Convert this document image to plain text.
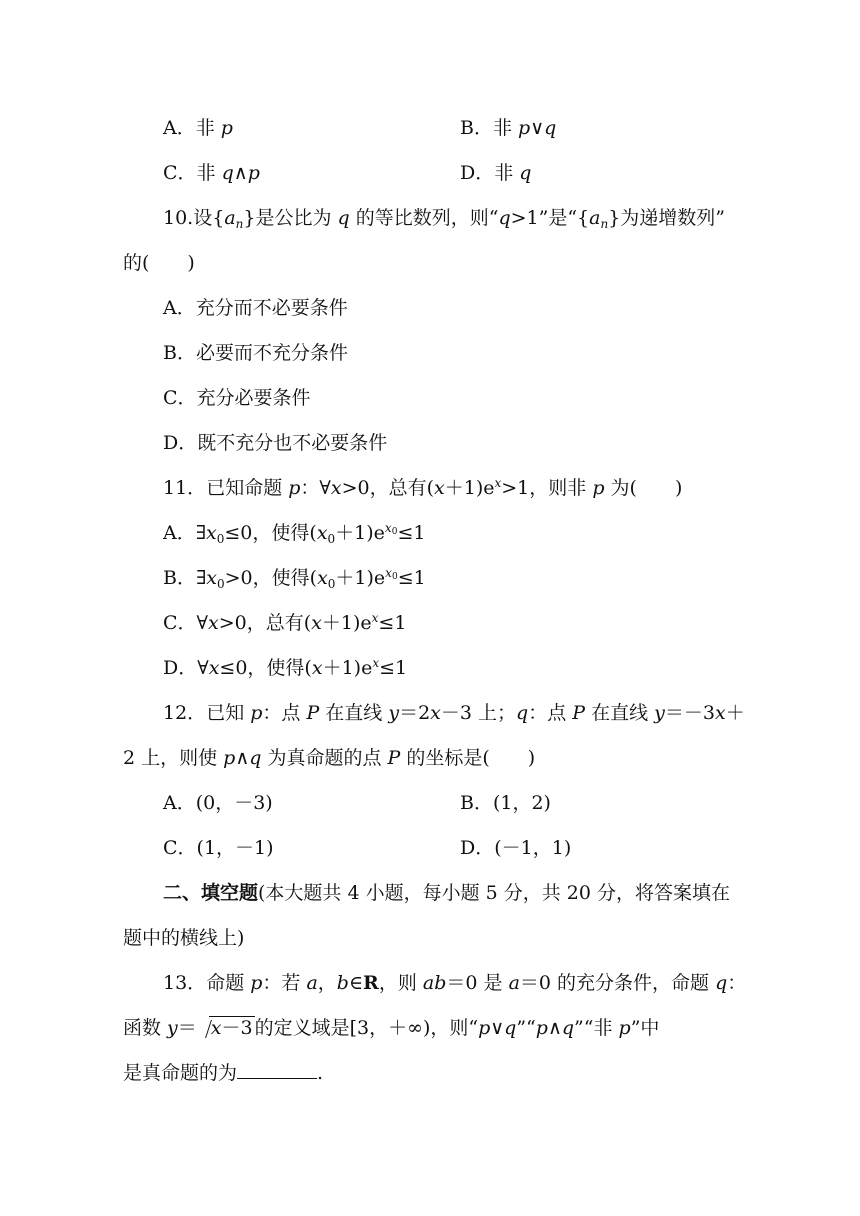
A．非 p	B．非 p∨q
C．非 q∧p	D．非 q
10.设$\{a_n\}$是公比为 q 的等比数列，则“q>1”是“$\{a_n\}$为递增数列”
的(　　)
A．充分而不必要条件
B．必要而不充分条件
C．充分必要条件
D．既不充分也不必要条件
11．已知命题 p：∀x>0，总有$(x+1)e^x>1$，则非 p 为(　　)
A．$\exists x_0\le 0$，使得$(x_0+1)e^{x0}\le 1$
B．$\exists x_0>0$，使得$(x_0+1)e^{x0}\le 1$
C．∀x>0，总有$(x+1)e^x\le 1$
D．∀x≤0，使得$(x+1)e^x\le 1$
12．已知 p：点 P 在直线 y＝2x－3 上；q：点 P 在直线 y＝－3x＋
2 上，则使 p∧q 为真命题的点 P 的坐标是(　　)
A．(0，－3)	B．(1，2)
C．(1，－1)	D．(－1，1)
二、填空题(本大题共 4 小题，每小题 5 分，共 20 分，将答案填在
题中的横线上)
13．命题 p：若 a，b∈R，则 ab＝0 是 a＝0 的充分条件，命题 q：
函数 y＝ x－3 的定义域是[3，＋∞)，则“p∨q”“p∧q”“非 p”中
是真命题的为	.
